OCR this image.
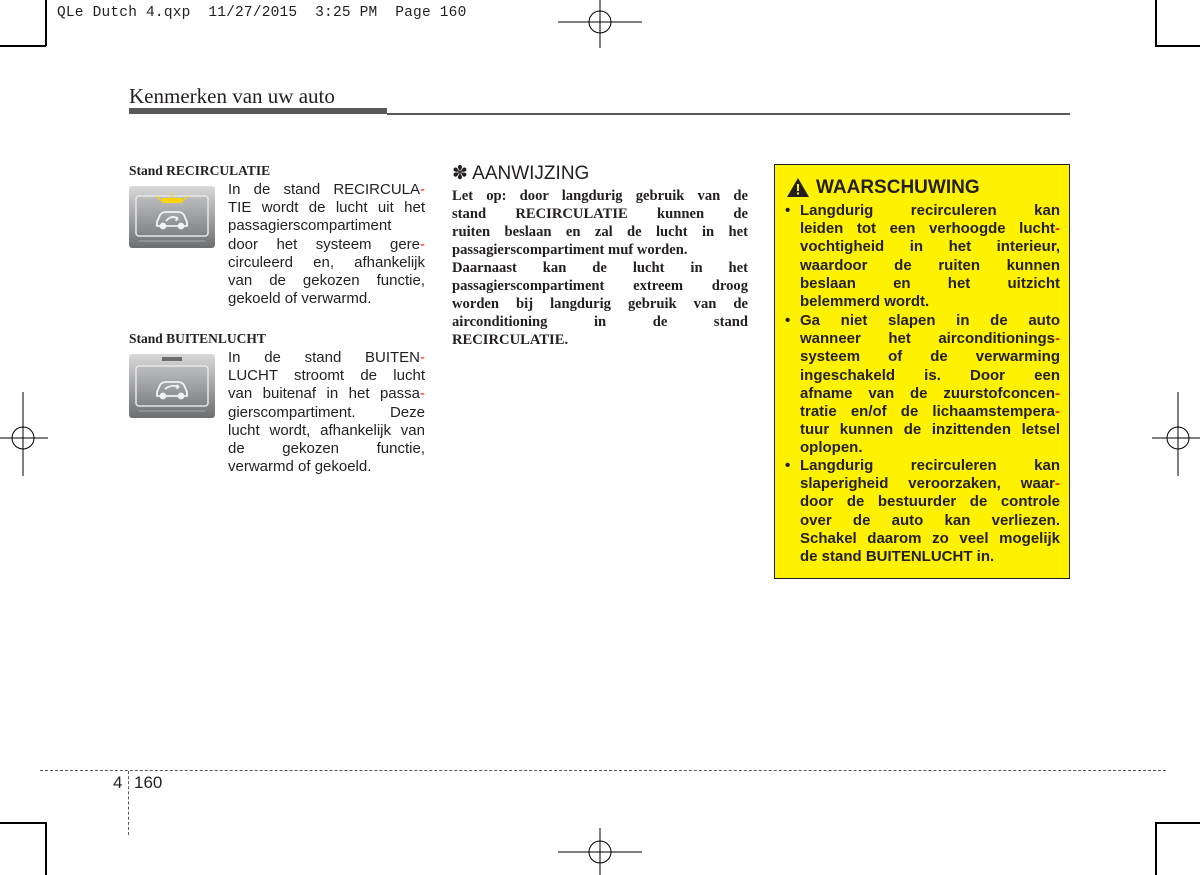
QLe Dutch 4.qxp  11/27/2015  3:25 PM  Page 160
Kenmerken van uw auto
Stand RECIRCULATIE
In de stand RECIRCULA-
TIE wordt de lucht uit het
passagierscompartiment
door het systeem gere-
circuleerd en, afhankelijk
van de gekozen functie,
gekoeld of verwarmd.
Stand BUITENLUCHT
In de stand BUITEN-
LUCHT stroomt de lucht
van buitenaf in het passa-
gierscompartiment. Deze
lucht wordt, afhankelijk van
de gekozen functie,
verwarmd of gekoeld.
✽ AANWIJZING
Let op: door langdurig gebruik van de
stand RECIRCULATIE kunnen de
ruiten beslaan en zal de lucht in het
passagierscompartiment muf worden.
Daarnaast kan de lucht in het
passagierscompartiment extreem droog
worden bij langdurig gebruik van de
airconditioning in de stand
RECIRCULATIE.
WAARSCHUWING
• Langdurig recirculeren kan
leiden tot een verhoogde lucht-
vochtigheid in het interieur,
waardoor de ruiten kunnen
beslaan en het uitzicht
belemmerd wordt.
• Ga niet slapen in de auto
wanneer het airconditionings-
systeem of de verwarming
ingeschakeld is. Door een
afname van de zuurstofconcen-
tratie en/of de lichaamstempera-
tuur kunnen de inzittenden letsel
oplopen.
• Langdurig recirculeren kan
slaperigheid veroorzaken, waar-
door de bestuurder de controle
over de auto kan verliezen.
Schakel daarom zo veel mogelijk
de stand BUITENLUCHT in.
4 160
